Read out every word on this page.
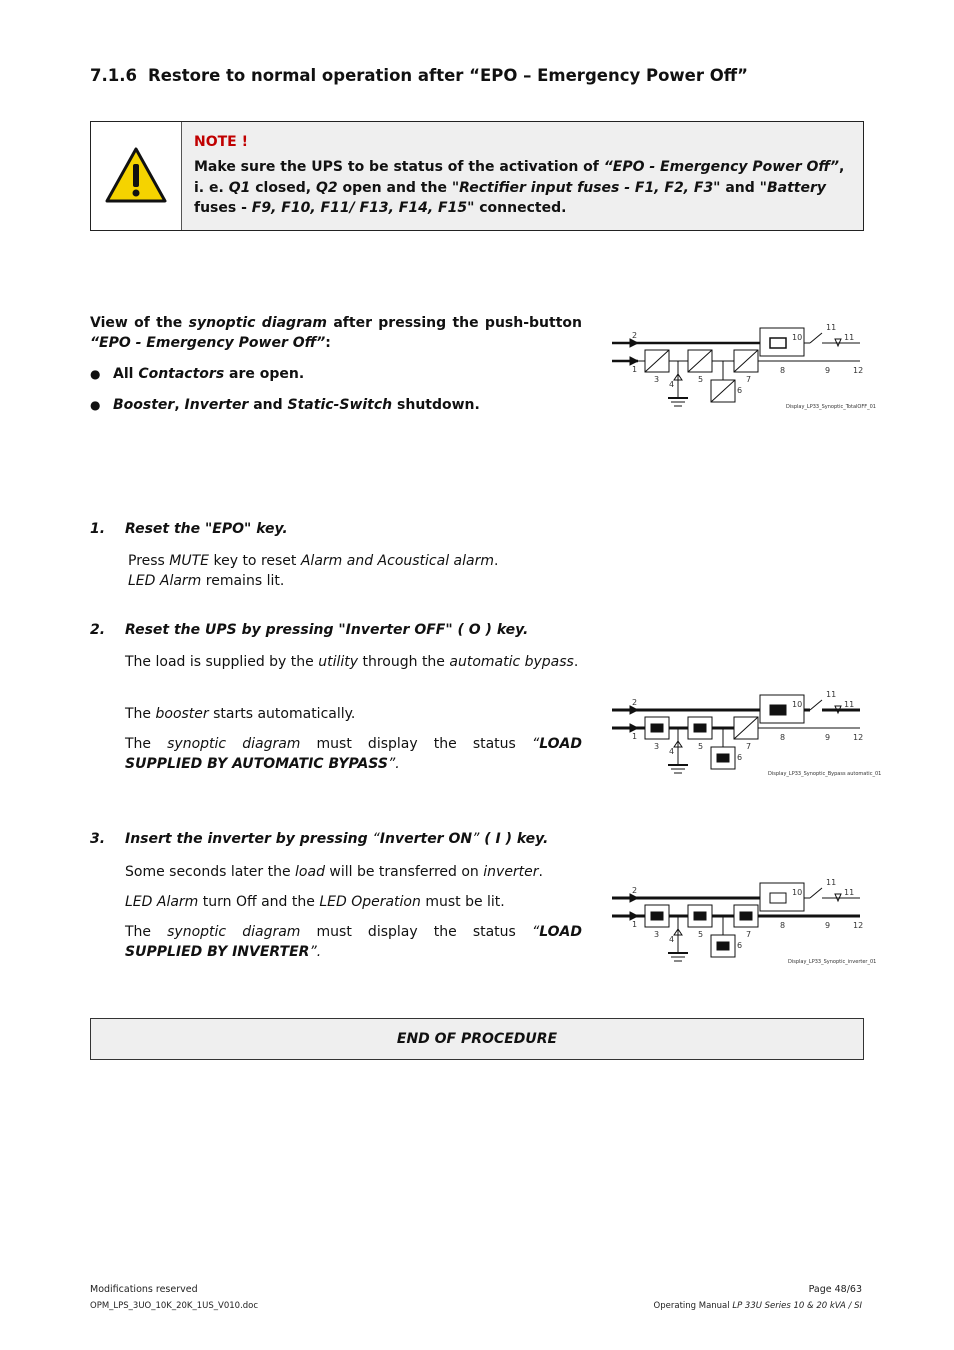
7.1.6 Restore to normal operation after “EPO – Emergency Power Off”
NOTE !
Make sure the UPS to be status of the activation of “EPO - Emergency Power Off”, i. e. Q1 closed, Q2 open and the "Rectifier input fuses - F1, F2, F3" and "Battery fuses - F9, F10, F11/ F13, F14, F15" connected.
View of the synoptic diagram after pressing the push-button “EPO - Emergency Power Off”:
● All Contactors are open.
● Booster, Inverter and Static-Switch shutdown.
1. Reset the "EPO" key.
Press MUTE key to reset Alarm and Acoustical alarm.
LED Alarm remains lit.
2. Reset the UPS by pressing "Inverter OFF" ( O ) key.
The load is supplied by the utility through the automatic bypass.
The booster starts automatically.
The synoptic diagram must display the status “LOAD SUPPLIED BY AUTOMATIC BYPASS”.
3. Insert the inverter by pressing “Inverter ON” ( I ) key.
Some seconds later the load will be transferred on inverter.
LED Alarm turn Off and the LED Operation must be lit.
The synoptic diagram must display the status “LOAD SUPPLIED BY INVERTER”.
2
1
3
4
5
6
7
8	9
10
11
11
12
Display_LP33_Synoptic_TotalOFF_01
2
1
3
4
5
6
7
8	9
10
11
11
12
Display_LP33_Synoptic_Bypass automatic_01
2
1
3
4
5
6
7
8	9
10
11
11
12
Display_LP33_Synoptic_inverter_01
END OF PROCEDURE
Modifications reserved
OPM_LPS_3UO_10K_20K_1US_V010.doc
Page 48/63
Operating Manual LP 33U Series 10 & 20 kVA / SI
